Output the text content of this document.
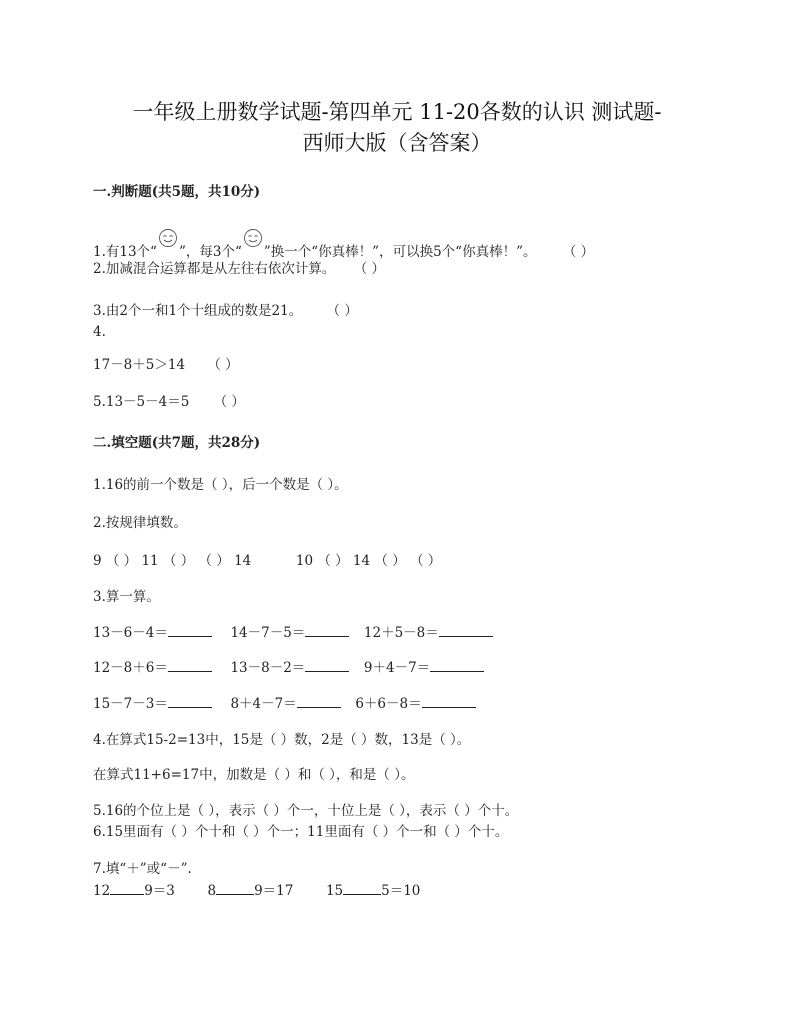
一年级上册数学试题-第四单元 11-20各数的认识 测试题-
西师大版（含答案）
一.判断题(共5题，共10分)
1.有13个“ ”，每3个“ ”换一个“你真棒！”，可以换5个“你真棒！”。 （ ）
2.加减混合运算都是从左往右依次计算。 （ ）
3.由2个一和1个十组成的数是21。 （ ）
4.
17－8＋5＞14 （ ）
5.13－5－4＝5 （ ）
二.填空题(共7题，共28分)
1.16的前一个数是（ ），后一个数是（ ）。
2.按规律填数。
9 （ ） 11 （ ） （ ） 14	10 （ ） 14 （ ） （ ）
3.算一算。
13－6－4＝	14－7－5＝	12＋5－8＝
12－8＋6＝	13－8－2＝	9＋4－7＝
15－7－3＝	8＋4－7＝	6＋6－8＝
4.在算式15-2=13中，15是（ ）数，2是（ ）数，13是（ ）。
在算式11+6=17中，加数是（ ）和（ ），和是（ ）。
5.16的个位上是（ ），表示（ ）个一，十位上是（ ），表示（ ）个十。
6.15里面有（ ）个十和（ ）个一；11里面有（ ）个一和（ ）个十。
7.填“＋”或“－”.
12	9＝3 8	9＝17 15	5＝10
